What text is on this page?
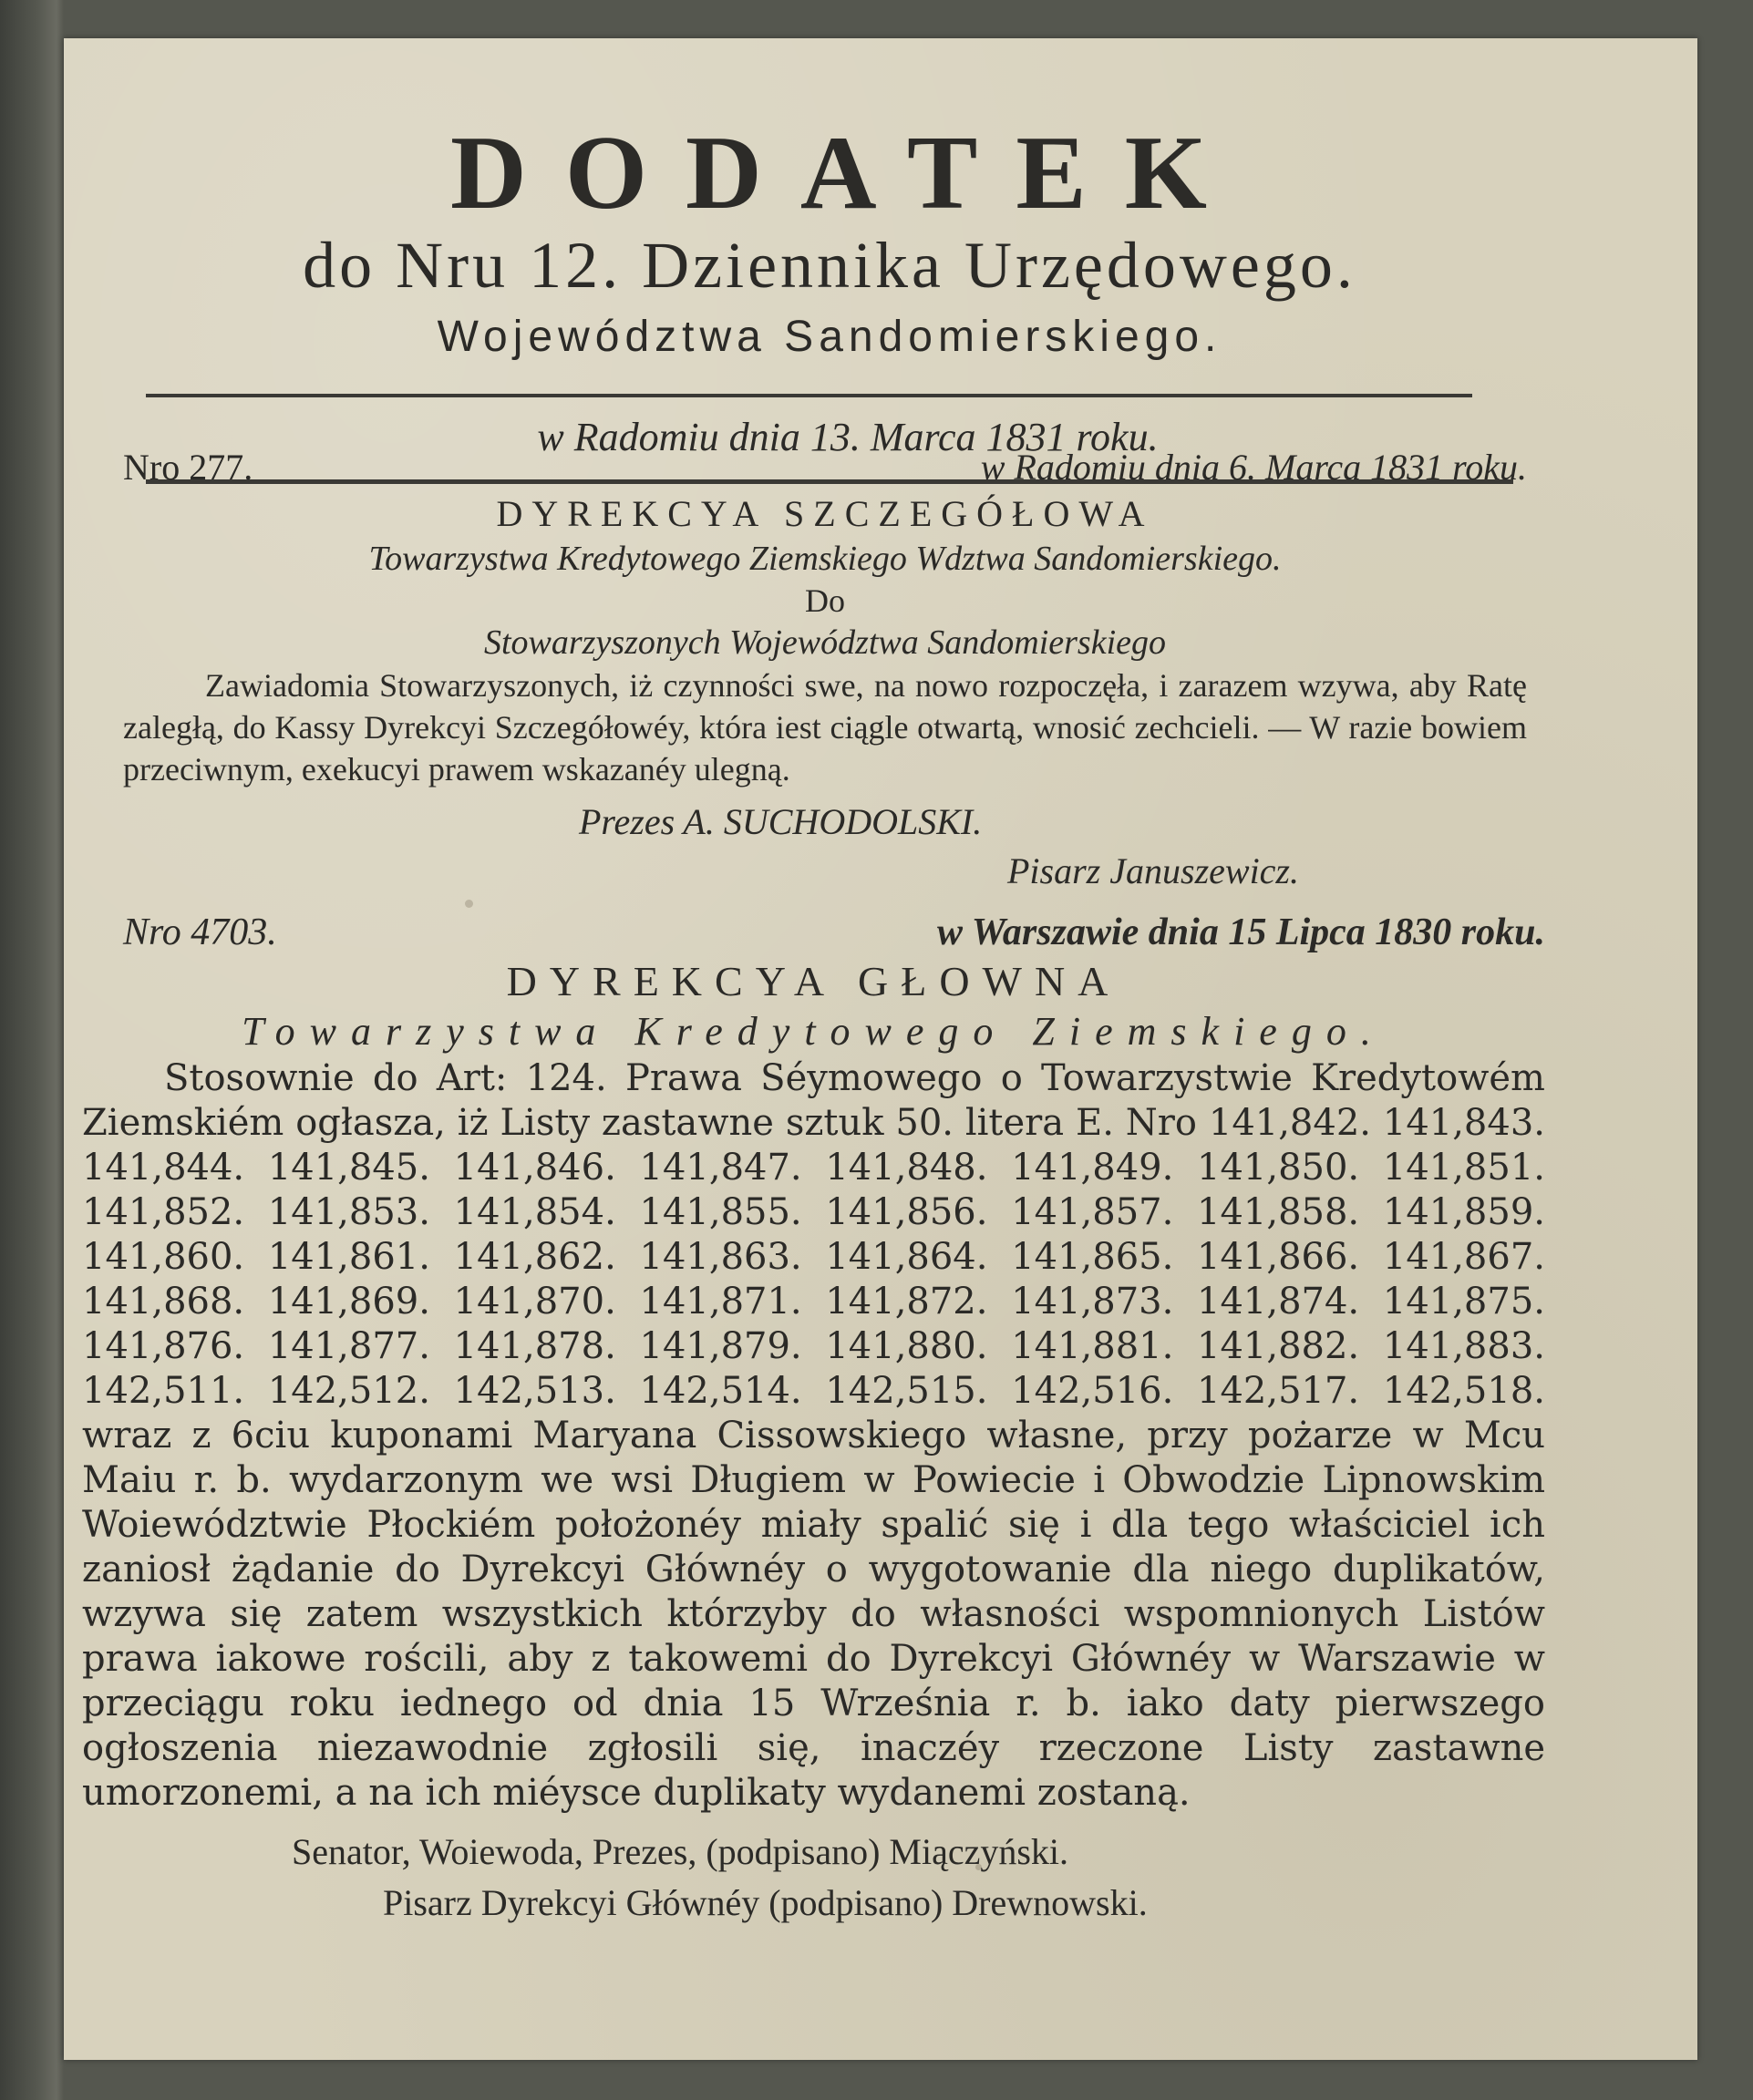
DODATEK
do Nru 12. Dziennika Urzędowego.
Województwa Sandomierskiego.
w Radomiu dnia 13. Marca 1831 roku.
Nro 277.	w Radomiu dnia 6. Marca 1831 roku.
DYREKCYA SZCZEGÓŁOWA
Towarzystwa Kredytowego Ziemskiego Wdztwa Sandomierskiego.
Do
Stowarzyszonych Województwa Sandomierskiego
Zawiadomia Stowarzyszonych, iż czynności swe, na nowo rozpoczęła, i zarazem wzywa, aby Ratę zaległą, do Kassy Dyrekcyi Szczegółowéy, która iest ciągle otwartą, wnosić zechcieli. — W razie bowiem przeciwnym, exekucyi prawem wskazanéy ulegną.
Prezes A. SUCHODOLSKI.
Pisarz Januszewicz.
Nro 4703.	w Warszawie dnia 15 Lipca 1830 roku.
DYREKCYA GŁOWNA
Towarzystwa Kredytowego Ziemskiego.
Stosownie do Art: 124. Prawa Séymowego o Towarzystwie Kredytowém Ziemskiém ogłasza, iż Listy zastawne sztuk 50. litera E. Nro 141,842. 141,843. 141,844. 141,845. 141,846. 141,847. 141,848. 141,849. 141,850. 141,851. 141,852. 141,853. 141,854. 141,855. 141,856. 141,857. 141,858. 141,859. 141,860. 141,861. 141,862. 141,863. 141,864. 141,865. 141,866. 141,867. 141,868. 141,869. 141,870. 141,871. 141,872. 141,873. 141,874. 141,875. 141,876. 141,877. 141,878. 141,879. 141,880. 141,881. 141,882. 141,883. 142,511. 142,512. 142,513. 142,514. 142,515. 142,516. 142,517. 142,518. wraz z 6ciu kuponami Maryana Cissowskiego własne, przy pożarze w Mcu Maiu r. b. wydarzonym we wsi Długiem w Powiecie i Obwodzie Lipnowskim Woiewództwie Płockiém położonéy miały spalić się i dla tego właściciel ich zaniosł żądanie do Dyrekcyi Głównéy o wygotowanie dla niego duplikatów, wzywa się zatem wszystkich którzyby do własności wspomnionych Listów prawa iakowe rościli, aby z takowemi do Dyrekcyi Głównéy w Warszawie w przeciągu roku iednego od dnia 15 Września r. b. iako daty pierwszego ogłoszenia niezawodnie zgłosili się, inaczéy rzeczone Listy zastawne umorzonemi, a na ich miéysce duplikaty wydanemi zostaną.
Senator, Woiewoda, Prezes, (podpisano) Miączyński.
Pisarz Dyrekcyi Głównéy (podpisano) Drewnowski.
